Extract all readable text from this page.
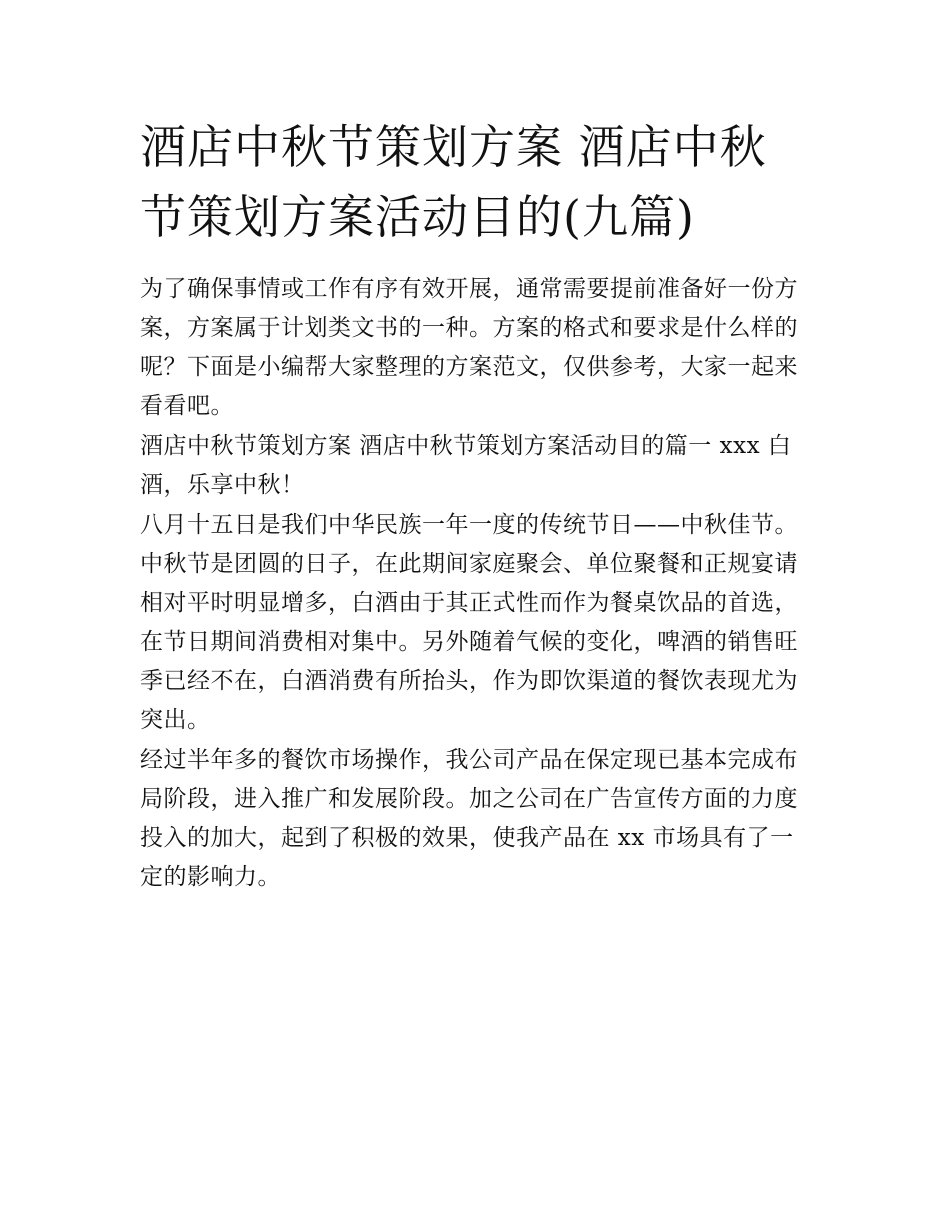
酒店中秋节策划方案 酒店中秋节策划方案活动目的(九篇)

为了确保事情或工作有序有效开展，通常需要提前准备好一份方案，方案属于计划类文书的一种。方案的格式和要求是什么样的呢？下面是小编帮大家整理的方案范文，仅供参考，大家一起来看看吧。

酒店中秋节策划方案 酒店中秋节策划方案活动目的篇一 xxx 白酒，乐享中秋！

八月十五日是我们中华民族一年一度的传统节日——中秋佳节。中秋节是团圆的日子，在此期间家庭聚会、单位聚餐和正规宴请相对平时明显增多，白酒由于其正式性而作为餐桌饮品的首选，在节日期间消费相对集中。另外随着气候的变化，啤酒的销售旺季已经不在，白酒消费有所抬头，作为即饮渠道的餐饮表现尤为突出。

经过半年多的餐饮市场操作，我公司产品在保定现已基本完成布局阶段，进入推广和发展阶段。加之公司在广告宣传方面的力度投入的加大，起到了积极的效果，使我产品在 xx 市场具有了一定的影响力。
